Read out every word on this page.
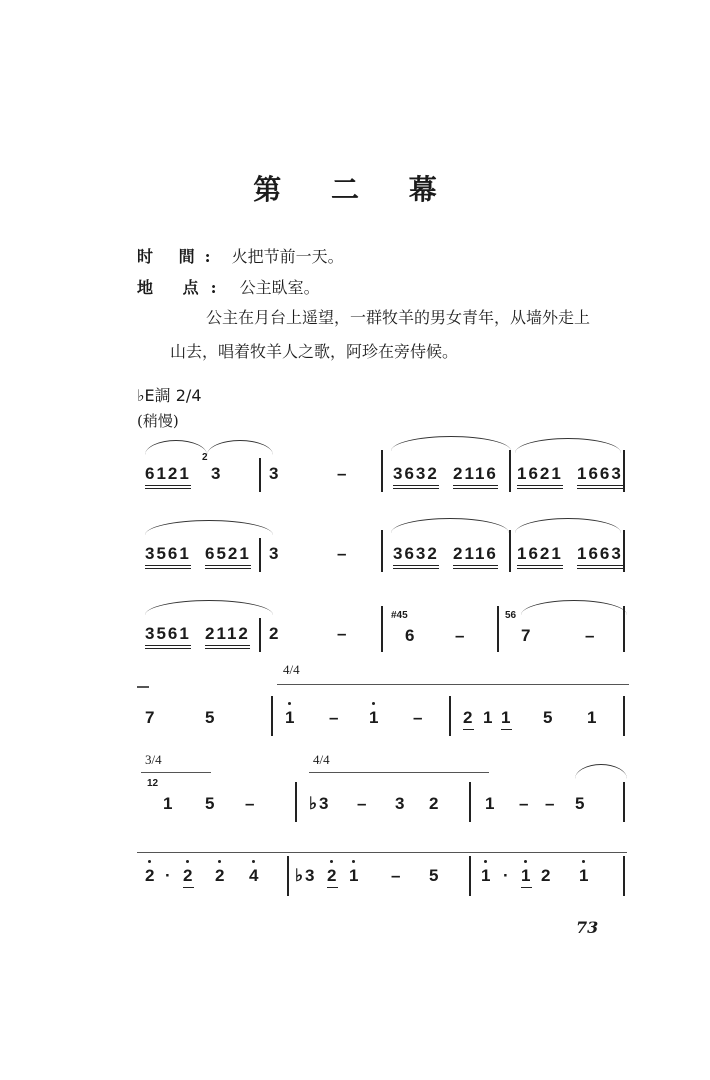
第 二 幕
时 間: 火把节前一天。
地 点: 公主臥室。
公主在月台上遥望，一群牧羊的男女青年，从墙外走上
山去，唱着牧羊人之歌，阿珍在旁侍候。
♭E調 2/4
(稍慢)
6121
2
3	3	–	3632 2116 1621 1663
3561 6521 3	–	3632 2116 1621 1663
3561 2112 2	–
#45
6 –
56
7	–
4/4
7	5	1 – 1 – 2 1 1 5 1
3/4	4/4
12
1 5 –	♭3 – 3 2	1 – – 5
2 · 2 2 4 ♭3 2 1 – 5 1 · 1 2 1
73
